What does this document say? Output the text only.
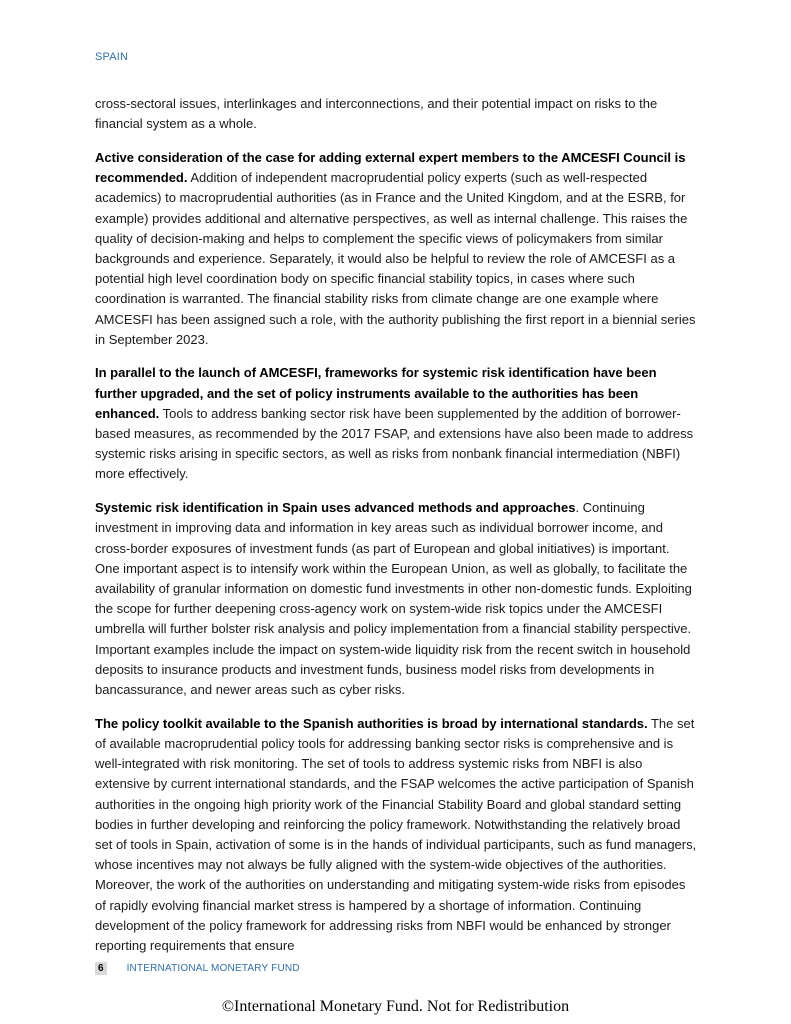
SPAIN

cross-sectoral issues, interlinkages and interconnections, and their potential impact on risks to the financial system as a whole.

Active consideration of the case for adding external expert members to the AMCESFI Council is recommended. Addition of independent macroprudential policy experts (such as well-respected academics) to macroprudential authorities (as in France and the United Kingdom, and at the ESRB, for example) provides additional and alternative perspectives, as well as internal challenge. This raises the quality of decision-making and helps to complement the specific views of policymakers from similar backgrounds and experience. Separately, it would also be helpful to review the role of AMCESFI as a potential high level coordination body on specific financial stability topics, in cases where such coordination is warranted. The financial stability risks from climate change are one example where AMCESFI has been assigned such a role, with the authority publishing the first report in a biennial series in September 2023.

In parallel to the launch of AMCESFI, frameworks for systemic risk identification have been further upgraded, and the set of policy instruments available to the authorities has been enhanced. Tools to address banking sector risk have been supplemented by the addition of borrower-based measures, as recommended by the 2017 FSAP, and extensions have also been made to address systemic risks arising in specific sectors, as well as risks from nonbank financial intermediation (NBFI) more effectively.

Systemic risk identification in Spain uses advanced methods and approaches. Continuing investment in improving data and information in key areas such as individual borrower income, and cross-border exposures of investment funds (as part of European and global initiatives) is important. One important aspect is to intensify work within the European Union, as well as globally, to facilitate the availability of granular information on domestic fund investments in other non-domestic funds. Exploiting the scope for further deepening cross-agency work on system-wide risk topics under the AMCESFI umbrella will further bolster risk analysis and policy implementation from a financial stability perspective. Important examples include the impact on system-wide liquidity risk from the recent switch in household deposits to insurance products and investment funds, business model risks from developments in bancassurance, and newer areas such as cyber risks.

The policy toolkit available to the Spanish authorities is broad by international standards. The set of available macroprudential policy tools for addressing banking sector risks is comprehensive and is well-integrated with risk monitoring. The set of tools to address systemic risks from NBFI is also extensive by current international standards, and the FSAP welcomes the active participation of Spanish authorities in the ongoing high priority work of the Financial Stability Board and global standard setting bodies in further developing and reinforcing the policy framework. Notwithstanding the relatively broad set of tools in Spain, activation of some is in the hands of individual participants, such as fund managers, whose incentives may not always be fully aligned with the system-wide objectives of the authorities. Moreover, the work of the authorities on understanding and mitigating system-wide risks from episodes of rapidly evolving financial market stress is hampered by a shortage of information. Continuing development of the policy framework for addressing risks from NBFI would be enhanced by stronger reporting requirements that ensure

6	INTERNATIONAL MONETARY FUND
©International Monetary Fund. Not for Redistribution
